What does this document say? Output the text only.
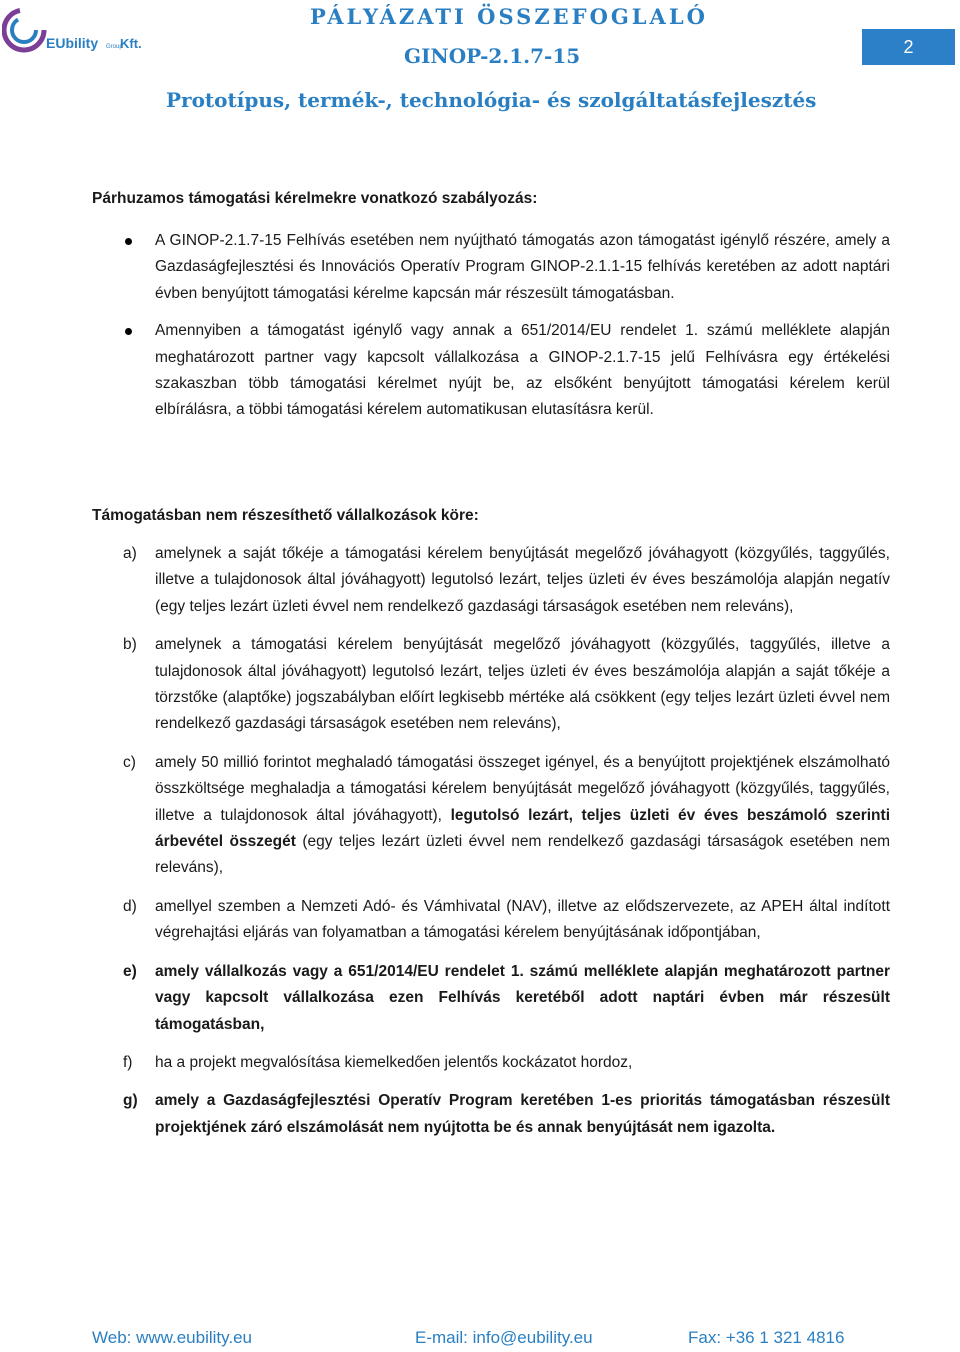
EUbility Group
Kft.
PÁLYÁZATI ÖSSZEFOGLALÓ
GINOP-2.1.7-15
Prototípus, termék-, technológia- és szolgáltatásfejlesztés
2
Párhuzamos támogatási kérelmekre vonatkozó szabályozás:
A GINOP-2.1.7-15 Felhívás esetében nem nyújtható támogatás azon támogatást igénylő részére, amely a Gazdaságfejlesztési és Innovációs Operatív Program GINOP-2.1.1-15 felhívás keretében az adott naptári évben benyújtott támogatási kérelme kapcsán már részesült támogatásban.
Amennyiben a támogatást igénylő vagy annak a 651/2014/EU rendelet 1. számú melléklete alapján meghatározott partner vagy kapcsolt vállalkozása a GINOP-2.1.7-15 jelű Felhívásra egy értékelési szakaszban több támogatási kérelmet nyújt be, az elsőként benyújtott támogatási kérelem kerül elbírálásra, a többi támogatási kérelem automatikusan elutasításra kerül.
Támogatásban nem részesíthető vállalkozások köre:
a) amelynek a saját tőkéje a támogatási kérelem benyújtását megelőző jóváhagyott (közgyűlés, taggyűlés, illetve a tulajdonosok által jóváhagyott) legutolsó lezárt, teljes üzleti év éves beszámolója alapján negatív (egy teljes lezárt üzleti évvel nem rendelkező gazdasági társaságok esetében nem releváns),
b) amelynek a támogatási kérelem benyújtását megelőző jóváhagyott (közgyűlés, taggyűlés, illetve a tulajdonosok által jóváhagyott) legutolsó lezárt, teljes üzleti év éves beszámolója alapján a saját tőkéje a törzstőke (alaptőke) jogszabályban előírt legkisebb mértéke alá csökkent (egy teljes lezárt üzleti évvel nem rendelkező gazdasági társaságok esetében nem releváns),
c) amely 50 millió forintot meghaladó támogatási összeget igényel, és a benyújtott projektjének elszámolható összköltsége meghaladja a támogatási kérelem benyújtását megelőző jóváhagyott (közgyűlés, taggyűlés, illetve a tulajdonosok által jóváhagyott), legutolsó lezárt, teljes üzleti év éves beszámoló szerinti árbevétel összegét (egy teljes lezárt üzleti évvel nem rendelkező gazdasági társaságok esetében nem releváns),
d) amellyel szemben a Nemzeti Adó- és Vámhivatal (NAV), illetve az elődszervezete, az APEH által indított végrehajtási eljárás van folyamatban a támogatási kérelem benyújtásának időpontjában,
e) amely vállalkozás vagy a 651/2014/EU rendelet 1. számú melléklete alapján meghatározott partner vagy kapcsolt vállalkozása ezen Felhívás keretéből adott naptári évben már részesült támogatásban,
f) ha a projekt megvalósítása kiemelkedően jelentős kockázatot hordoz,
g) amely a Gazdaságfejlesztési Operatív Program keretében 1-es prioritás támogatásban részesült projektjének záró elszámolását nem nyújtotta be és annak benyújtását nem igazolta.
Web: www.eubility.eu	E-mail: info@eubility.eu	Fax: +36 1 321 4816
